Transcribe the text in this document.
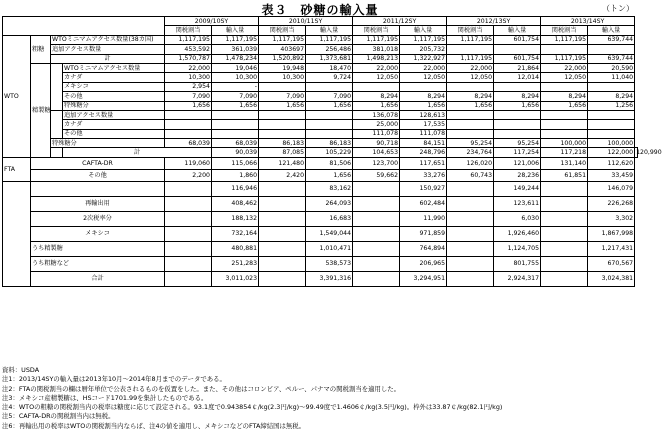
表３　砂糖の輸入量	（トン）
				2009/10SY		2010/11SY		2011/12SY		2012/13SY		2013/14SY		
				関税割当	輸入量	関税割当	輸入量	関税割当	輸入量	関税割当	輸入量	関税割当	輸入量	
WTO	粗糖	WTOミニマムアクセス数量(38カ国)		1,117,195	1,117,195	1,117,195	1,117,195	1,117,195	1,117,195	1,117,195	601,754	1,117,195	639,744	
		追加アクセス数量		453,592	361,039	403697	256,486	381,018	205,732					
		計		1,570,787	1,478,234	1,520,892	1,373,681	1,498,213	1,322,927	1,117,195	601,754	1,117,195	639,744	
	精製糖		WTOミニマムアクセス数量	22,000	19,046	19,948	18,470	22,000	22,000	22,000	21,864	22,000	20,590	
			カナダ	10,300	10,300	10,300	9,724	12,050	12,050	12,050	12,014	12,050	11,040	
			メキシコ	2,954	-									
			その他	7,090	7,090	7,090	7,090	8,294	8,294	8,294	8,294	8,294	8,294	
			特殊糖分	1,656	1,656	1,656	1,656	1,656	1,656	1,656	1,656	1,656	1,256	
			追加アクセス数量					136,078	128,613					
			カナダ					25,000	17,535					
			その他					111,078	111,078					
		特殊糖分		68,039	68,039	86,183	86,183	90,718	84,151	95,254	95,254	100,000	100,000	
			計		90,039	87,085	105,229	104,653	248,796	234,764	117,254	117,218	122,000	120,990
FTA	CAFTA-DR			119,060	115,066	121,480	81,506	123,700	117,651	126,020	121,006	131,140	112,620	
	その他			2,200	1,860	2,420	1,656	59,662	33,276	60,743	28,236	61,851	33,459	
					116,946		83,162		150,927		149,244		146,079	
	再輸出用				408,462		264,093		602,484		123,611		226,268	
	2次税率分				188,132		16,683		11,990		6,030		3,302	
	メキシコ				732,164		1,549,044		971,859		1,926,460		1,867,998	
	うち精製糖				480,881		1,010,471		764,894		1,124,705		1,217,431	
	うち粗糖など				251,283		538,573		206,965		801,755		670,567	
	合計				3,011,023		3,391,316		3,294,951		2,924,317		3,024,381	
資料：USDA
注1：2013/14SYの輸入量は2013年10月～2014年8月までのデータである。
注2：FTAの関税割当の欄は暦年単位で公表されるものを仮置をした。また、その他はコロンビア、ペルー、パナマの関税割当を適用した。
注3：メキシコ産精製糖は、HSコード1701.99を集計したものである。
注4：WTOの粗糖の関税割当内の税率は糖度に応じて設定される。93.1度で0.943854￠/kg(2.3円/kg)～99.49度で1.4606￠/kg(3.5円/kg)。枠外は33.87￠/kg(82.1円/kg)
注5：CAFTA-DRの関税割当内は無税。
注6：再輸出用の税率はWTOの関税割当内ならば、注4の値を適用し、メキシコなどのFTA締結国は無税。
